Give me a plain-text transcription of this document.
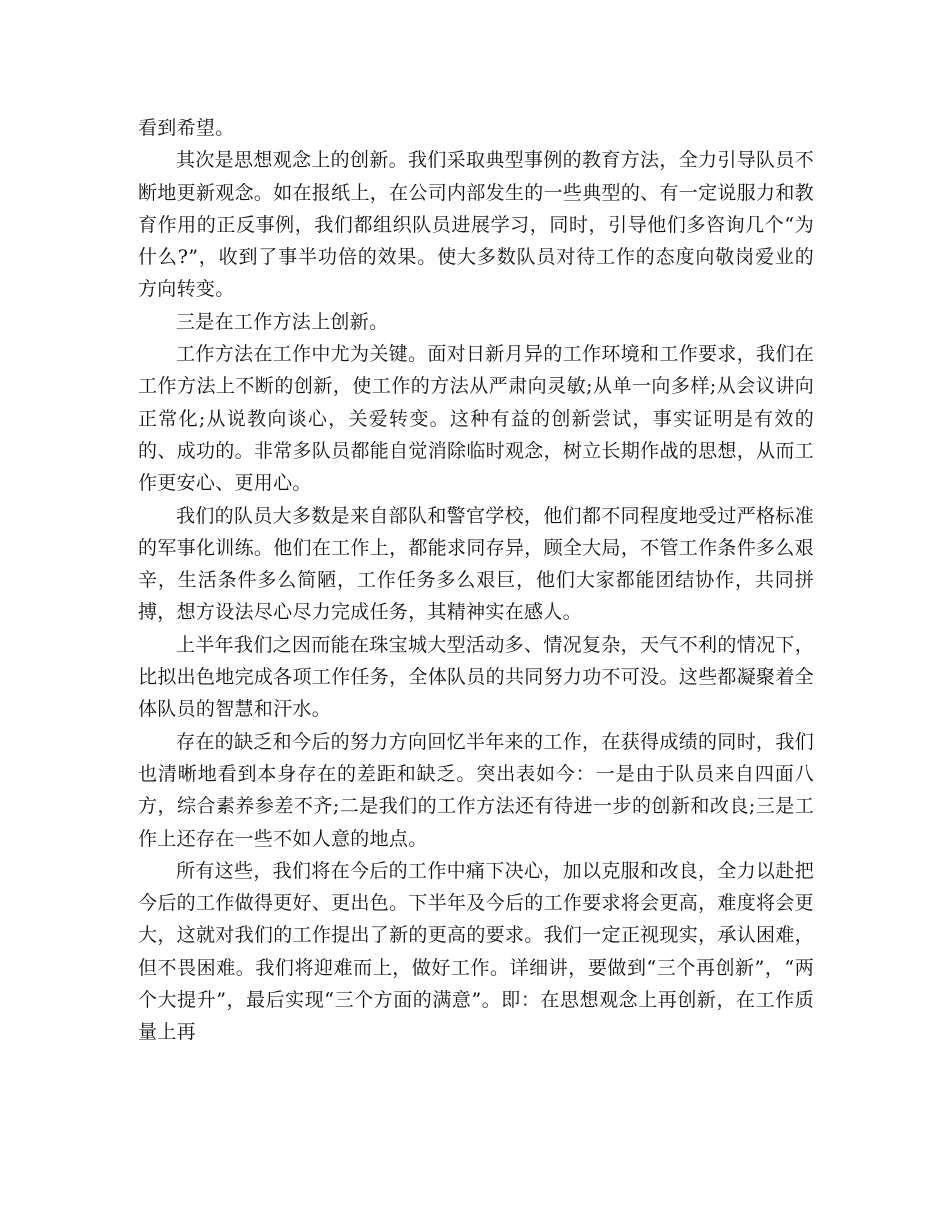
看到希望。

其次是思想观念上的创新。我们采取典型事例的教育方法，全力引导队员不断地更新观念。如在报纸上，在公司内部发生的一些典型的、有一定说服力和教育作用的正反事例，我们都组织队员进展学习，同时，引导他们多咨询几个“为什么?”，收到了事半功倍的效果。使大多数队员对待工作的态度向敬岗爱业的方向转变。

三是在工作方法上创新。

工作方法在工作中尤为关键。面对日新月异的工作环境和工作要求，我们在工作方法上不断的创新，使工作的方法从严肃向灵敏;从单一向多样;从会议讲向正常化;从说教向谈心，关爱转变。这种有益的创新尝试，事实证明是有效的的、成功的。非常多队员都能自觉消除临时观念，树立长期作战的思想，从而工作更安心、更用心。

我们的队员大多数是来自部队和警官学校，他们都不同程度地受过严格标准的军事化训练。他们在工作上，都能求同存异，顾全大局，不管工作条件多么艰辛，生活条件多么简陋，工作任务多么艰巨，他们大家都能团结协作，共同拼搏，想方设法尽心尽力完成任务，其精神实在感人。

上半年我们之因而能在珠宝城大型活动多、情况复杂，天气不利的情况下，比拟出色地完成各项工作任务，全体队员的共同努力功不可没。这些都凝聚着全体队员的智慧和汗水。

存在的缺乏和今后的努力方向回忆半年来的工作，在获得成绩的同时，我们也清晰地看到本身存在的差距和缺乏。突出表如今：一是由于队员来自四面八方，综合素养参差不齐;二是我们的工作方法还有待进一步的创新和改良;三是工作上还存在一些不如人意的地点。

所有这些，我们将在今后的工作中痛下决心，加以克服和改良，全力以赴把今后的工作做得更好、更出色。下半年及今后的工作要求将会更高，难度将会更大，这就对我们的工作提出了新的更高的要求。我们一定正视现实，承认困难，但不畏困难。我们将迎难而上，做好工作。详细讲，要做到“三个再创新”，“两个大提升”，最后实现“三个方面的满意”。即：在思想观念上再创新，在工作质量上再
